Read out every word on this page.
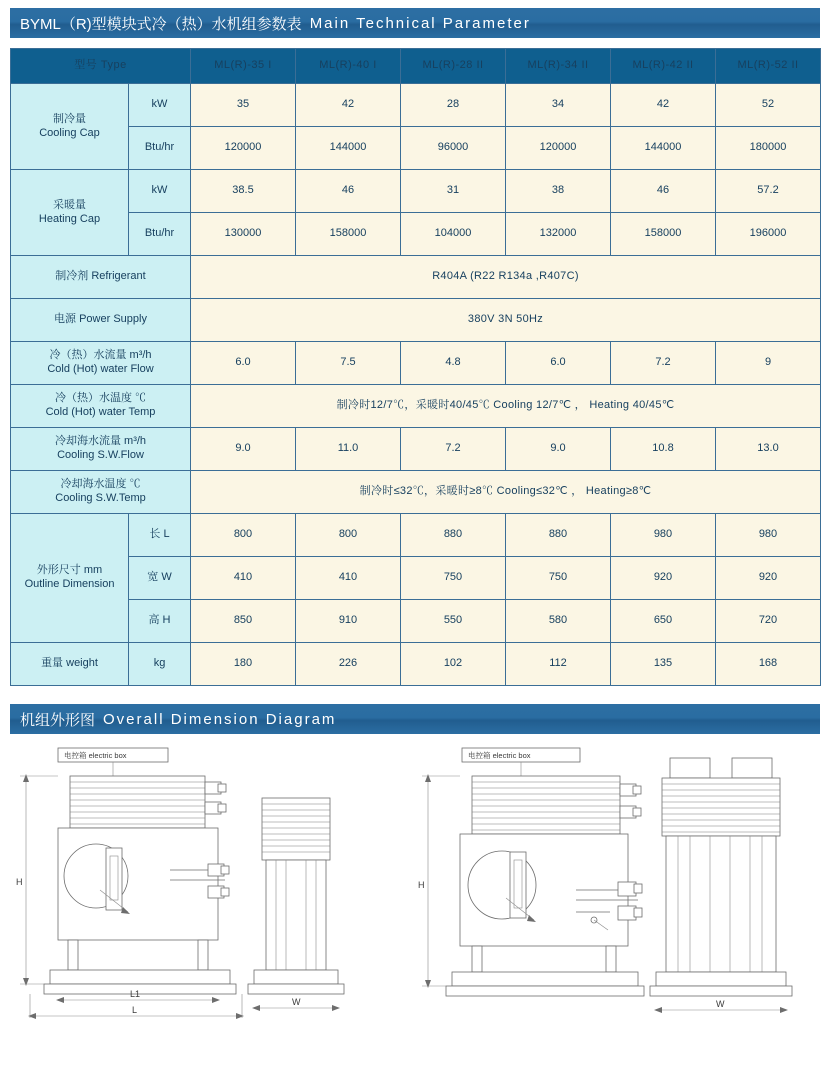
BYML（R)型模块式冷（热）水机组参数表 Main Technical Parameter
型号 Type		ML(R)-35 I	ML(R)-40 I	ML(R)-28 II	ML(R)-34 II	ML(R)-42 II	ML(R)-52 II
制冷量
Cooling Cap	kW	35	42	28	34	42	52
	Btu/hr	120000	144000	96000	120000	144000	180000
采暖量
Heating Cap	kW	38.5	46	31	38	46	57.2
	Btu/hr	130000	158000	104000	132000	158000	196000
制冷剂 Refrigerant		R404A (R22 R134a ,R407C)					
电源 Power Supply		380V 3N 50Hz					
冷（热）水流量 m³/h
Cold (Hot) water Flow		6.0	7.5	4.8	6.0	7.2	9
冷（热）水温度 ℃
Cold (Hot) water Temp		制冷时12/7℃，采暖时40/45℃ Cooling 12/7℃ ， Heating 40/45℃					
冷却海水流量 m³/h
Cooling S.W.Flow		9.0	11.0	7.2	9.0	10.8	13.0
冷却海水温度 ℃
Cooling S.W.Temp		制冷时≤32℃，采暖时≥8℃ Cooling≤32℃ ， Heating≥8℃					
外形尺寸 mm
Outline Dimension	长 L	800	800	880	880	980	980
	宽 W	410	410	750	750	920	920
	高 H	850	910	550	580	650	720
重量 weight	kg	180	226	102	112	135	168
机组外形图 Overall Dimension Diagram
电控箱 electric box
H
L1
L
W
电控箱 electric box
H
W
